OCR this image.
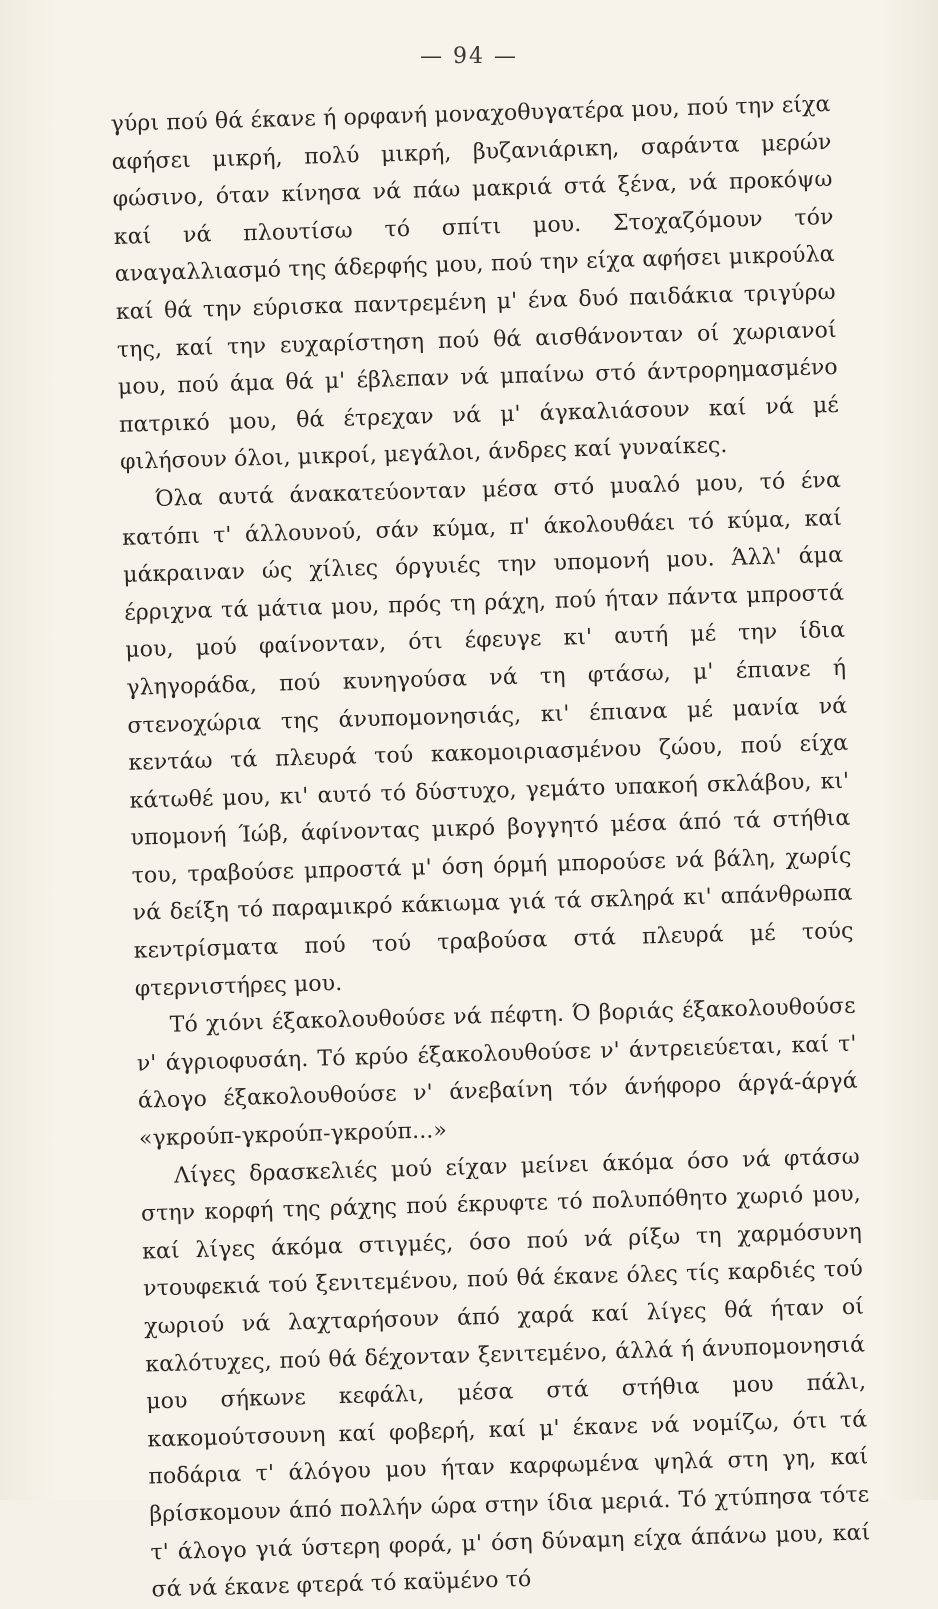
— 94 —

γύρι πού θά έκανε ή ορφανή μοναχοθυγατέρα μου, πού την είχα αφήσει μικρή, πολύ μικρή, βυζανιάρικη, σαράντα μερών φώσινο, όταν κίνησα νά πάω μακριά στά ξένα, νά προκόψω καί νά πλουτίσω τό σπίτι μου. Στοχαζόμουν τόν αναγαλλιασμό της άδερφής μου, πού την είχα αφήσει μικρούλα καί θά την εύρισκα παντρεμένη μ' ένα δυό παιδάκια τριγύρω της, καί την ευχαρίστηση πού θά αισθάνονταν οί χωριανοί μου, πού άμα θά μ' έβλεπαν νά μπαίνω στό άντρορημασμένο πατρικό μου, θά έτρεχαν νά μ' άγκαλιάσουν καί νά μέ φιλήσουν όλοι, μικροί, μεγάλοι, άνδρες καί γυναίκες.

Όλα αυτά άνακατεύονταν μέσα στό μυαλό μου, τό ένα κατόπι τ' άλλουνού, σάν κύμα, π' άκολουθάει τό κύμα, καί μάκραιναν ώς χίλιες όργυιές την υπομονή μου. Άλλ' άμα έρριχνα τά μάτια μου, πρός τη ράχη, πού ήταν πάντα μπροστά μου, μού φαίνονταν, ότι έφευγε κι' αυτή μέ την ίδια γληγοράδα, πού κυνηγούσα νά τη φτάσω, μ' έπιανε ή στενοχώρια της άνυπομονησιάς, κι' έπιανα μέ μανία νά κεντάω τά πλευρά τού κακομοιριασμένου ζώου, πού είχα κάτωθέ μου, κι' αυτό τό δύστυχο, γεμάτο υπακοή σκλάβου, κι' υπομονή Ίώβ, άφίνοντας μικρό βογγητό μέσα άπό τά στήθια του, τραβούσε μπροστά μ' όση όρμή μπορούσε νά βάλη, χωρίς νά δείξη τό παραμικρό κάκιωμα γιά τά σκληρά κι' απάνθρωπα κεντρίσματα πού τού τραβούσα στά πλευρά μέ τούς φτερνιστήρες μου.

Τό χιόνι έξακολουθούσε νά πέφτη. Ό βοριάς έξακολουθούσε ν' άγριοφυσάη. Τό κρύο έξακολουθούσε ν' άντρειεύεται, καί τ' άλογο έξακολουθούσε ν' άνεβαίνη τόν άνήφορο άργά-άργά «γκρούπ-γκρούπ-γκρούπ...»

Λίγες δρασκελιές μού είχαν μείνει άκόμα όσο νά φτάσω στην κορφή της ράχης πού έκρυφτε τό πολυπόθητο χωριό μου, καί λίγες άκόμα στιγμές, όσο πού νά ρίξω τη χαρμόσυνη ντουφεκιά τού ξενιτεμένου, πού θά έκανε όλες τίς καρδιές τού χωριού νά λαχταρήσουν άπό χαρά καί λίγες θά ήταν οί καλότυχες, πού θά δέχονταν ξενιτεμένο, άλλά ή άνυπομονησιά μου σήκωνε κεφάλι, μέσα στά στήθια μου πάλι, κακομούτσουνη καί φοβερή, καί μ' έκανε νά νομίζω, ότι τά ποδάρια τ' άλόγου μου ήταν καρφωμένα ψηλά στη γη, καί βρίσκομουν άπό πολλήν ώρα στην ίδια μεριά. Τό χτύπησα τότε τ' άλογο γιά ύστερη φορά, μ' όση δύναμη είχα άπάνω μου, καί σά νά έκανε φτερά τό καϋμένο τό
